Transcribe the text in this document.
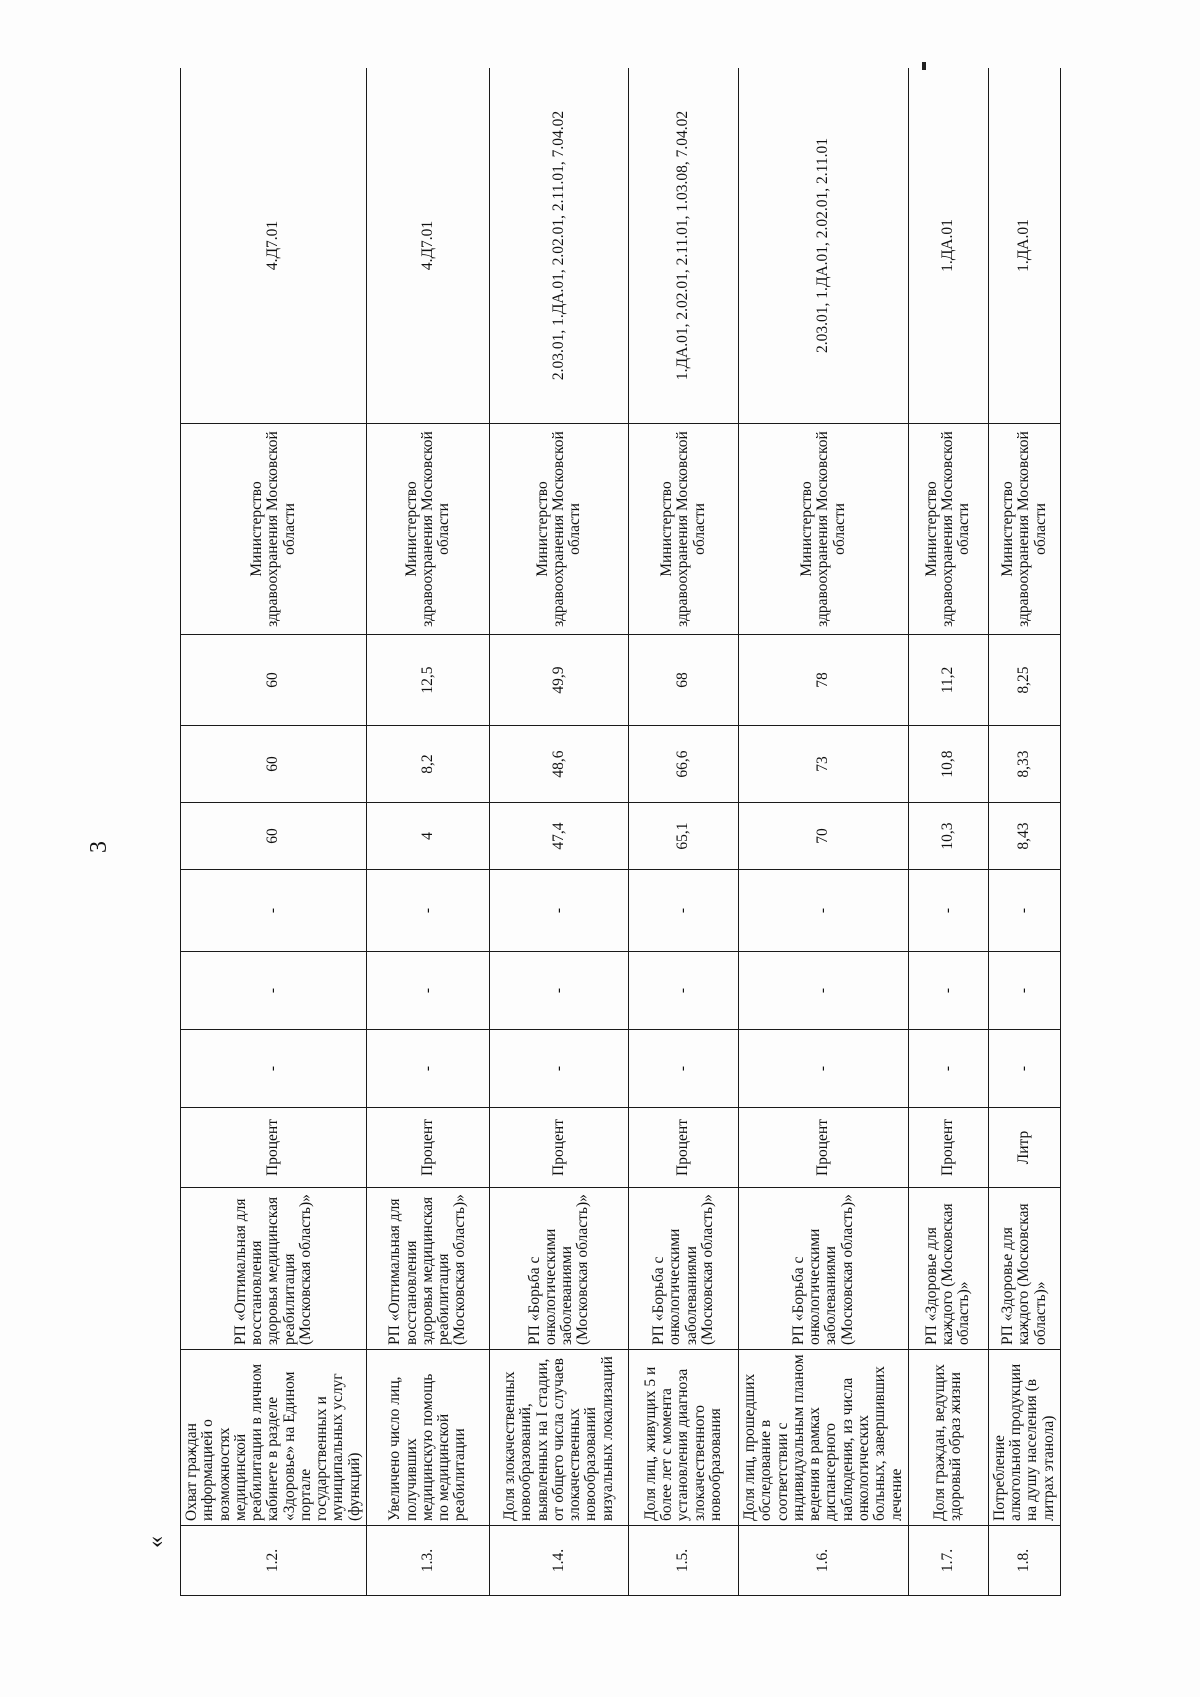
3
«
1.2.	Охват граждан информацией о возможностях медицинской реабилитации в личном кабинете в разделе «Здоровье» на Едином портале государственных и муниципальных услуг (функций)	РП «Оптимальная для восстановления здоровья медицинская реабилитация (Московская область)»	Процент	-	-	-	60	60	60	Министерство здравоохранения Московской области	4.Д7.01
1.3.	Увеличено число лиц, получивших медицинскую помощь по медицинской реабилитации	РП «Оптимальная для восстановления здоровья медицинская реабилитация (Московская область)»	Процент	-	-	-	4	8,2	12,5	Министерство здравоохранения Московской области	4.Д7.01
1.4.	Доля злокачественных новообразований, выявленных на I стадии, от общего числа случаев злокачественных новообразований визуальных локализаций	РП «Борьба с онкологическими заболеваниями (Московская область)»	Процент	-	-	-	47,4	48,6	49,9	Министерство здравоохранения Московской области	2.03.01, 1.ДА.01, 2.02.01, 2.11.01, 7.04.02
1.5.	Доля лиц, живущих 5 и более лет с момента установления диагноза злокачественного новообразования	РП «Борьба с онкологическими заболеваниями (Московская область)»	Процент	-	-	-	65,1	66,6	68	Министерство здравоохранения Московской области	1.ДА.01, 2.02.01, 2.11.01, 1.03.08, 7.04.02
1.6.	Доля лиц, прошедших обследование в соответствии с индивидуальным планом ведения в рамках диспансерного наблюдения, из числа онкологических больных, завершивших лечение	РП «Борьба с онкологическими заболеваниями (Московская область)»	Процент	-	-	-	70	73	78	Министерство здравоохранения Московской области	2.03.01, 1.ДА.01, 2.02.01, 2.11.01
1.7.	Доля граждан, ведущих здоровый образ жизни	РП «Здоровье для каждого (Московская область)»	Процент	-	-	-	10,3	10,8	11,2	Министерство здравоохранения Московской области	1.ДА.01
1.8.	Потребление алкогольной продукции на душу населения (в литрах этанола)	РП «Здоровье для каждого (Московская область)»	Литр	-	-	-	8,43	8,33	8,25	Министерство здравоохранения Московской области	1.ДА.01
